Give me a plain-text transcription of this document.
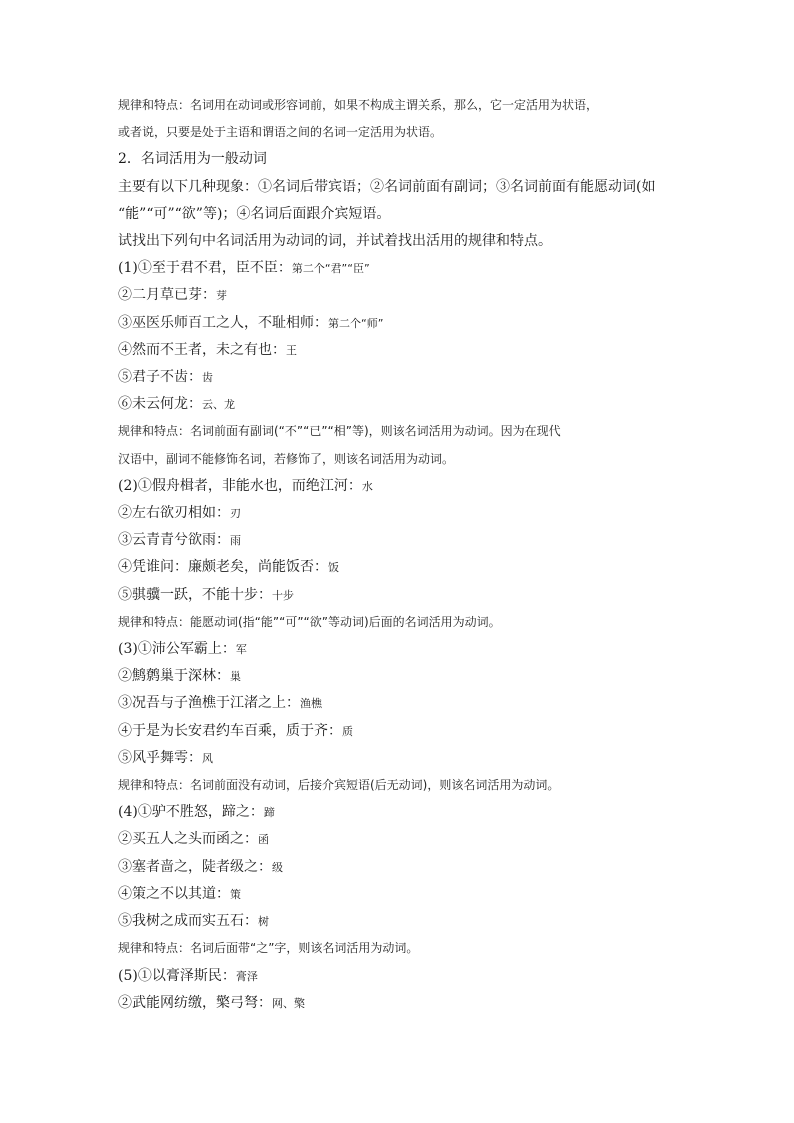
规律和特点：名词用在动词或形容词前，如果不构成主谓关系，那么，它一定活用为状语，
或者说，只要是处于主语和谓语之间的名词一定活用为状语。
2．名词活用为一般动词
主要有以下几种现象：①名词后带宾语；②名词前面有副词；③名词前面有能愿动词(如
“能”“可”“欲”等)；④名词后面跟介宾短语。
试找出下列句中名词活用为动词的词，并试着找出活用的规律和特点。
(1)①至于君不君，臣不臣：第二个“君”“臣”
②二月草已芽：芽
③巫医乐师百工之人，不耻相师：第二个“师”
④然而不王者，未之有也：王
⑤君子不齿：齿
⑥未云何龙：云、龙
规律和特点：名词前面有副词(“不”“已”“相”等)，则该名词活用为动词。因为在现代
汉语中，副词不能修饰名词，若修饰了，则该名词活用为动词。
(2)①假舟楫者，非能水也，而绝江河：水
②左右欲刃相如：刃
③云青青兮欲雨：雨
④凭谁问：廉颇老矣，尚能饭否：饭
⑤骐骥一跃，不能十步：十步
规律和特点：能愿动词(指“能”“可”“欲”等动词)后面的名词活用为动词。
(3)①沛公军霸上：军
②鹪鹩巢于深林：巢
③况吾与子渔樵于江渚之上：渔樵
④于是为长安君约车百乘，质于齐：质
⑤风乎舞雩：风
规律和特点：名词前面没有动词，后接介宾短语(后无动词)，则该名词活用为动词。
(4)①驴不胜怒，蹄之：蹄
②买五人之头而函之：函
③塞者啬之，陡者级之：级
④策之不以其道：策
⑤我树之成而实五石：树
规律和特点：名词后面带“之”字，则该名词活用为动词。
(5)①以膏泽斯民：膏泽
②武能网纺缴，檠弓弩：网、檠
